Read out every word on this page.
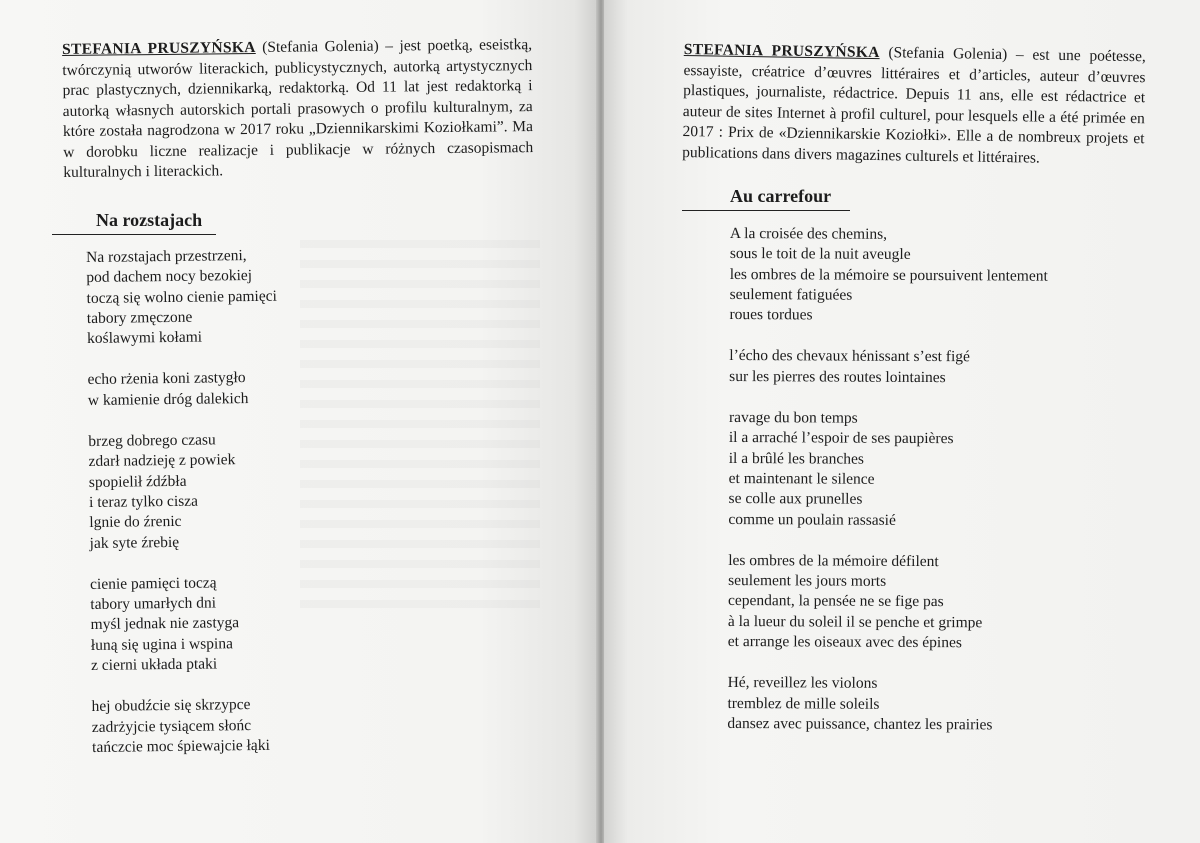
STEFANIA PRUSZYŃSKA (Stefania Golenia) – jest poetką, eseistką, twórczynią utworów literackich, publicystycznych, autorką artystycznych prac plastycznych, dziennikarką, redaktorką. Od 11 lat jest redaktorką i autorką własnych autorskich portali prasowych o profilu kulturalnym, za które została nagrodzona w 2017 roku „Dziennikarskimi Koziołkami”. Ma w dorobku liczne realizacje i publikacje w różnych czasopismach kulturalnych i literackich.
Na rozstajach
Na rozstajach przestrzeni,
pod dachem nocy bezokiej
toczą się wolno cienie pamięci
tabory zmęczone
koślawymi kołami
echo rżenia koni zastygło
w kamienie dróg dalekich
brzeg dobrego czasu
zdarł nadzieję z powiek
spopielił źdźbła
i teraz tylko cisza
lgnie do źrenic
jak syte źrebię
cienie pamięci toczą
tabory umarłych dni
myśl jednak nie zastyga
łuną się ugina i wspina
z cierni układa ptaki
hej obudźcie się skrzypce
zadrżyjcie tysiącem słońc
tańczcie moc śpiewajcie łąki
STEFANIA PRUSZYŃSKA (Stefania Golenia) – est une poétesse, essayiste, créatrice d’œuvres littéraires et d’articles, auteur d’œuvres plastiques, journaliste, rédactrice. Depuis 11 ans, elle est rédactrice et auteur de sites Internet à profil culturel, pour lesquels elle a été primée en 2017 : Prix de «Dziennikarskie Koziołki». Elle a de nombreux projets et publications dans divers magazines culturels et littéraires.
Au carrefour
A la croisée des chemins,
sous le toit de la nuit aveugle
les ombres de la mémoire se poursuivent lentement
seulement fatiguées
roues tordues
l’écho des chevaux hénissant s’est figé
sur les pierres des routes lointaines
ravage du bon temps
il a arraché l’espoir de ses paupières
il a brûlé les branches
et maintenant le silence
se colle aux prunelles
comme un poulain rassasié
les ombres de la mémoire défilent
seulement les jours morts
cependant, la pensée ne se fige pas
à la lueur du soleil il se penche et grimpe
et arrange les oiseaux avec des épines
Hé, reveillez les violons
tremblez de mille soleils
dansez avec puissance, chantez les prairies
